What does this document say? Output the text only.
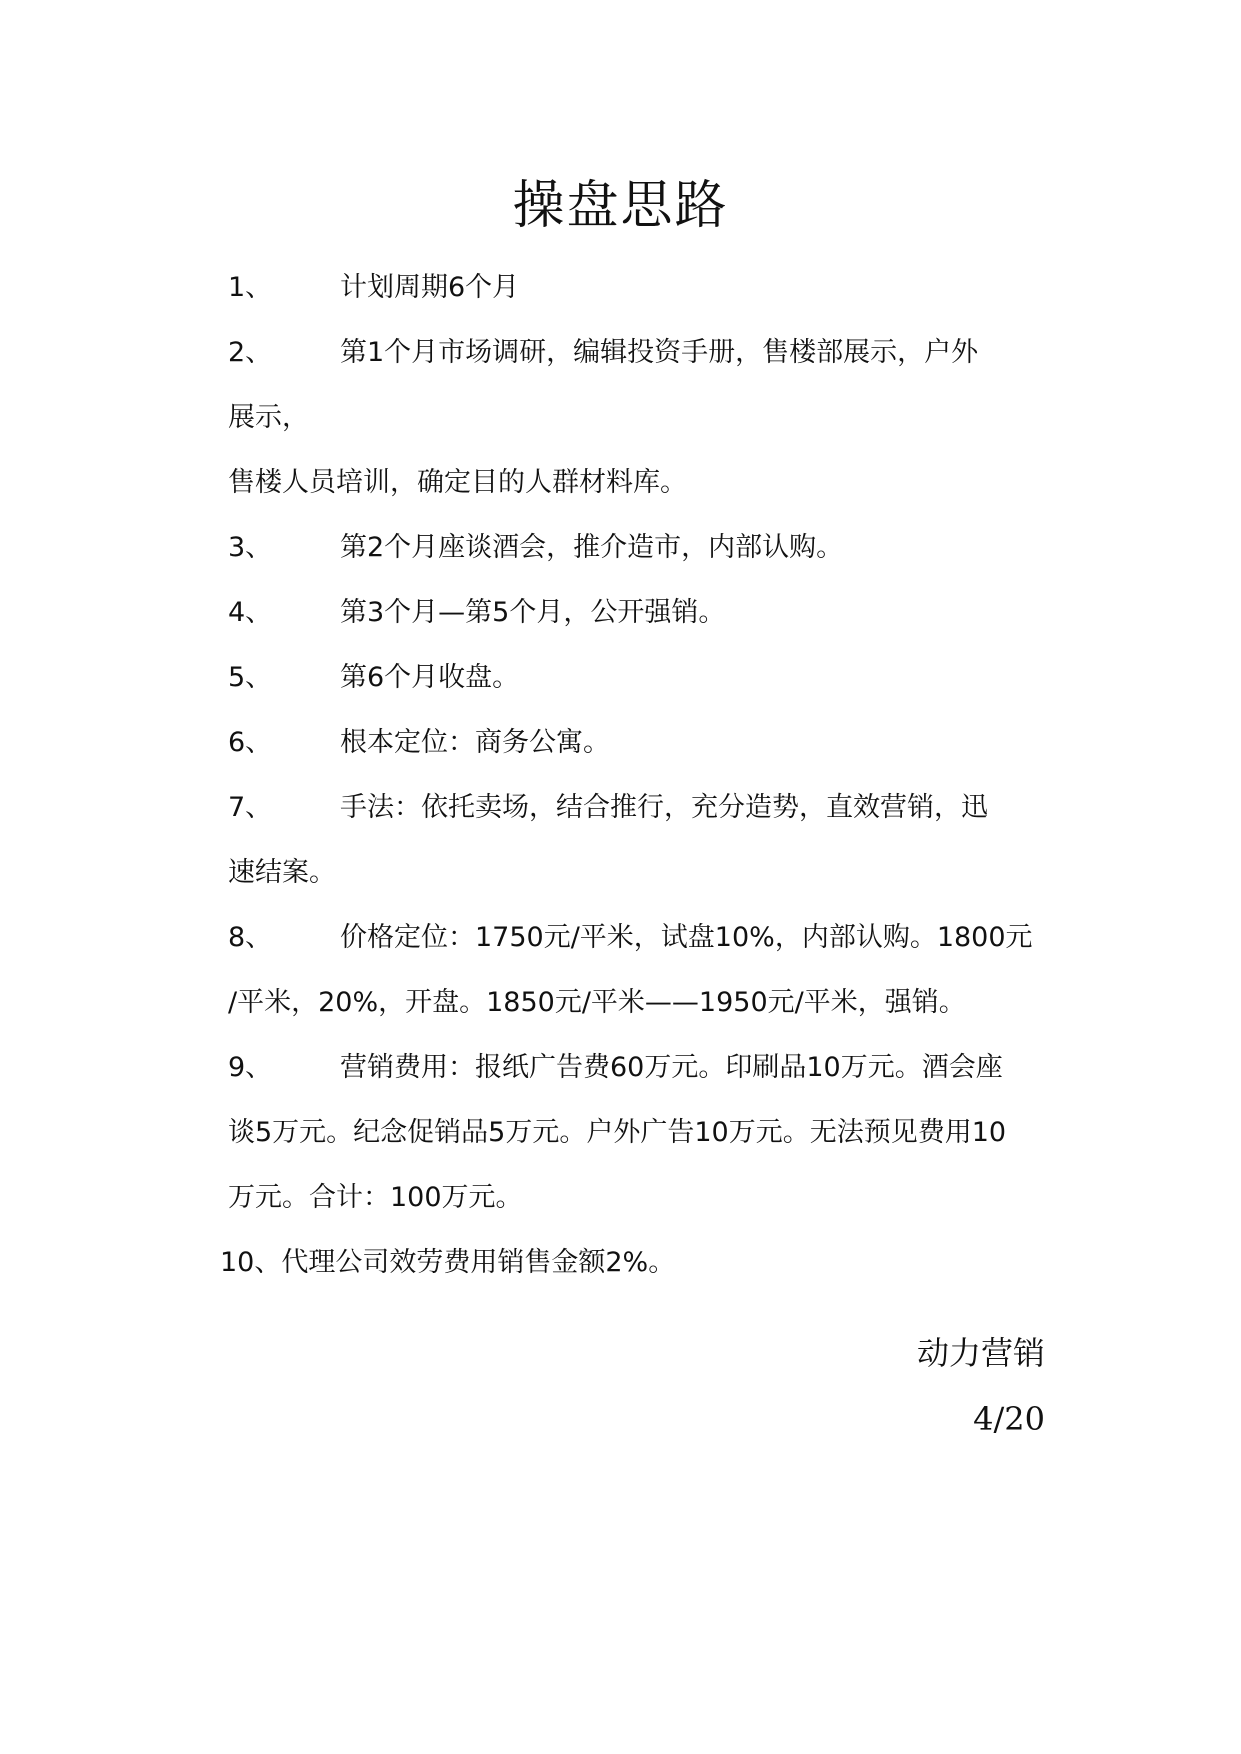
操盘思路

1、	计划周期6个月

2、	第1个月市场调研，编辑投资手册，售楼部展示，户外
展示，
售楼人员培训，确定目的人群材料库。

3、	第2个月座谈酒会，推介造市，内部认购。

4、	第3个月—第5个月，公开强销。

5、	第6个月收盘。

6、	根本定位：商务公寓。

7、	手法：依托卖场，结合推行，充分造势，直效营销，迅
速结案。

8、	价格定位：1750元/平米，试盘10%，内部认购。1800元
/平米，20%，开盘。1850元/平米——1950元/平米，强销。

9、	营销费用：报纸广告费60万元。印刷品10万元。酒会座
谈5万元。纪念促销品5万元。户外广告10万元。无法预见费用10
万元。合计：100万元。

10、代理公司效劳费用销售金额2%。

动力营销
4/20
